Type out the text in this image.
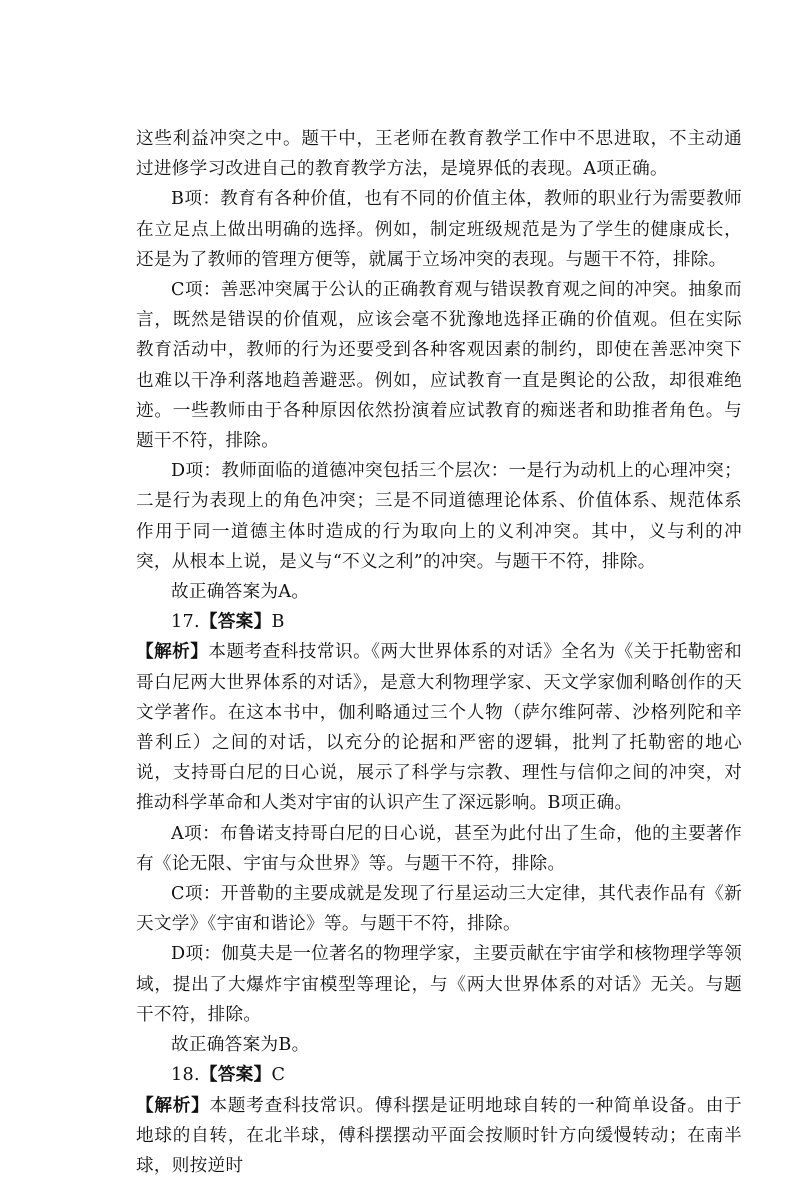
这些利益冲突之中。题干中，王老师在教育教学工作中不思进取，不主动通过进修学习改进自己的教育教学方法，是境界低的表现。A项正确。

B项：教育有各种价值，也有不同的价值主体，教师的职业行为需要教师在立足点上做出明确的选择。例如，制定班级规范是为了学生的健康成长，还是为了教师的管理方便等，就属于立场冲突的表现。与题干不符，排除。

C项：善恶冲突属于公认的正确教育观与错误教育观之间的冲突。抽象而言，既然是错误的价值观，应该会毫不犹豫地选择正确的价值观。但在实际教育活动中，教师的行为还要受到各种客观因素的制约，即使在善恶冲突下也难以干净利落地趋善避恶。例如，应试教育一直是舆论的公敌，却很难绝迹。一些教师由于各种原因依然扮演着应试教育的痴迷者和助推者角色。与题干不符，排除。

D项：教师面临的道德冲突包括三个层次：一是行为动机上的心理冲突；二是行为表现上的角色冲突；三是不同道德理论体系、价值体系、规范体系作用于同一道德主体时造成的行为取向上的义利冲突。其中，义与利的冲突，从根本上说，是义与“不义之利”的冲突。与题干不符，排除。

故正确答案为A。

17.【答案】B

【解析】本题考查科技常识。《两大世界体系的对话》全名为《关于托勒密和哥白尼两大世界体系的对话》，是意大利物理学家、天文学家伽利略创作的天文学著作。在这本书中，伽利略通过三个人物（萨尔维阿蒂、沙格列陀和辛普利丘）之间的对话，以充分的论据和严密的逻辑，批判了托勒密的地心说，支持哥白尼的日心说，展示了科学与宗教、理性与信仰之间的冲突，对推动科学革命和人类对宇宙的认识产生了深远影响。B项正确。

A项：布鲁诺支持哥白尼的日心说，甚至为此付出了生命，他的主要著作有《论无限、宇宙与众世界》等。与题干不符，排除。

C项：开普勒的主要成就是发现了行星运动三大定律，其代表作品有《新天文学》《宇宙和谐论》等。与题干不符，排除。

D项：伽莫夫是一位著名的物理学家，主要贡献在宇宙学和核物理学等领域，提出了大爆炸宇宙模型等理论，与《两大世界体系的对话》无关。与题干不符，排除。

故正确答案为B。

18.【答案】C

【解析】本题考查科技常识。傅科摆是证明地球自转的一种简单设备。由于地球的自转，在北半球，傅科摆摆动平面会按顺时针方向缓慢转动；在南半球，则按逆时
